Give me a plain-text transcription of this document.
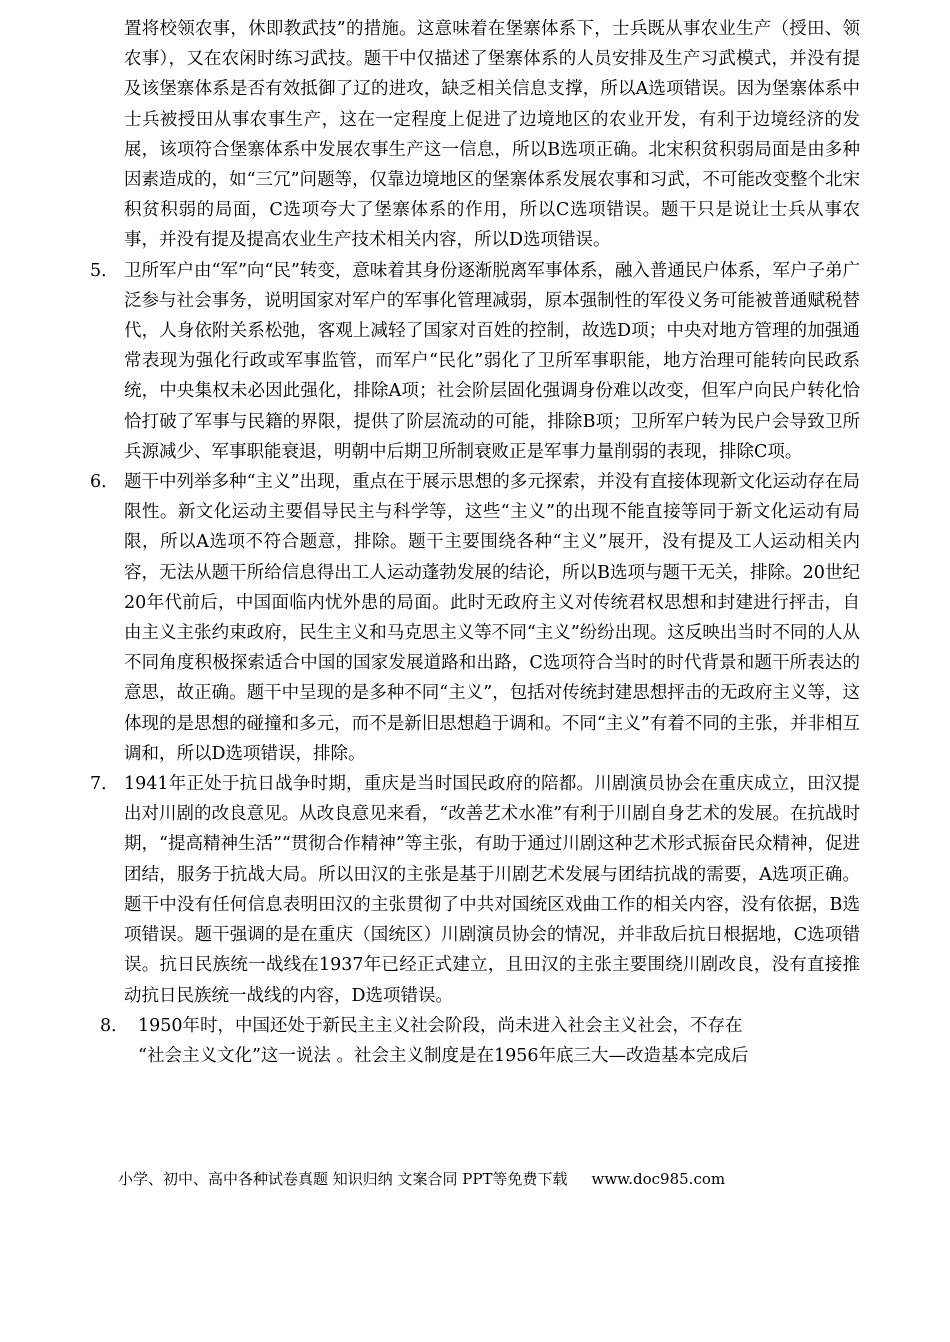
置将校领农事，休即教武技”的措施。这意味着在堡寨体系下，士兵既从事农业生产（授田、领农事），又在农闲时练习武技。题干中仅描述了堡寨体系的人员安排及生产习武模式，并没有提及该堡寨体系是否有效抵御了辽的进攻，缺乏相关信息支撑，所以A选项错误。因为堡寨体系中士兵被授田从事农事生产，这在一定程度上促进了边境地区的农业开发，有利于边境经济的发展，该项符合堡寨体系中发展农事生产这一信息，所以B选项正确。北宋积贫积弱局面是由多种因素造成的，如“三冗”问题等，仅靠边境地区的堡寨体系发展农事和习武，不可能改变整个北宋积贫积弱的局面，C选项夸大了堡寨体系的作用，所以C选项错误。题干只是说让士兵从事农事，并没有提及提高农业生产技术相关内容，所以D选项错误。

5． 卫所军户由“军”向“民”转变，意味着其身份逐渐脱离军事体系，融入普通民户体系，军户子弟广泛参与社会事务，说明国家对军户的军事化管理减弱，原本强制性的军役义务可能被普通赋税替代，人身依附关系松弛，客观上减轻了国家对百姓的控制，故选D项；中央对地方管理的加强通常表现为强化行政或军事监管，而军户“民化”弱化了卫所军事职能，地方治理可能转向民政系统，中央集权未必因此强化，排除A项；社会阶层固化强调身份难以改变，但军户向民户转化恰恰打破了军事与民籍的界限，提供了阶层流动的可能，排除B项；卫所军户转为民户会导致卫所兵源减少、军事职能衰退，明朝中后期卫所制衰败正是军事力量削弱的表现，排除C项。
6． 题干中列举多种“主义”出现，重点在于展示思想的多元探索，并没有直接体现新文化运动存在局限性。新文化运动主要倡导民主与科学等，这些“主义”的出现不能直接等同于新文化运动有局限，所以A选项不符合题意，排除。题干主要围绕各种“主义”展开，没有提及工人运动相关内容，无法从题干所给信息得出工人运动蓬勃发展的结论，所以B选项与题干无关，排除。20世纪20年代前后，中国面临内忧外患的局面。此时无政府主义对传统君权思想和封建进行抨击，自由主义主张约束政府，民生主义和马克思主义等不同“主义”纷纷出现。这反映出当时不同的人从不同角度积极探索适合中国的国家发展道路和出路，C选项符合当时的时代背景和题干所表达的意思，故正确。题干中呈现的是多种不同“主义”，包括对传统封建思想抨击的无政府主义等，这体现的是思想的碰撞和多元，而不是新旧思想趋于调和。不同“主义”有着不同的主张，并非相互调和，所以D选项错误，排除。
7． 1941年正处于抗日战争时期，重庆是当时国民政府的陪都。川剧演员协会在重庆成立，田汉提出对川剧的改良意见。从改良意见来看，“改善艺术水准”有利于川剧自身艺术的发展。在抗战时期，“提高精神生活”“贯彻合作精神”等主张，有助于通过川剧这种艺术形式振奋民众精神，促进团结，服务于抗战大局。所以田汉的主张是基于川剧艺术发展与团结抗战的需要，A选项正确。题干中没有任何信息表明田汉的主张贯彻了中共对国统区戏曲工作的相关内容，没有依据，B选项错误。题干强调的是在重庆（国统区）川剧演员协会的情况，并非敌后抗日根据地，C选项错误。抗日民族统一战线在1937年已经正式建立，且田汉的主张主要围绕川剧改良，没有直接推动抗日民族统一战线的内容，D选项错误。
8． 1950年时，中国还处于新民主主义社会阶段，尚未进入社会主义社会，不存在
“社会主义文化”这一说法 。社会主义制度是在1956年底三大—改造基本完成后
小学、初中、高中各种试卷真题 知识归纳 文案合同 PPT等免费下载 www.doc985.com
